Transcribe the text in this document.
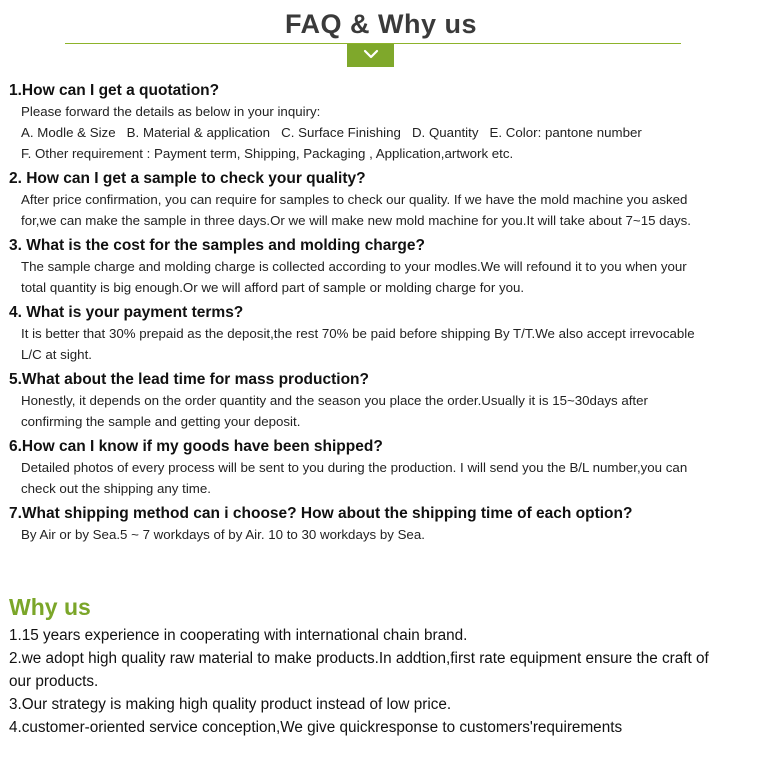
FAQ & Why us
1.How can I get a quotation?
Please forward the details as below in your inquiry:
A. Modle & Size   B. Material & application   C. Surface Finishing   D. Quantity   E. Color: pantone number
F. Other requirement : Payment term, Shipping, Packaging , Application,artwork etc.
2. How can I get a sample to check your quality?
After price confirmation, you can require for samples to check our quality. If we have the mold machine you asked
for,we can make the sample in three days.Or we will make new mold machine for you.It will take about 7~15 days.
3. What is the cost for the samples and molding charge?
The sample charge and molding charge is collected according to your modles.We will refound it to you when your
total quantity is big enough.Or we will afford part of sample or molding charge for you.
4. What is your payment terms?
It is better that 30% prepaid as the deposit,the rest 70% be paid before shipping By T/T.We also accept irrevocable
L/C at sight.
5.What about the lead time for mass production?
Honestly, it depends on the order quantity and the season you place the order.Usually it is 15~30days after
confirming the sample and getting your deposit.
6.How can I know if my goods have been shipped?
Detailed photos of every process will be sent to you during the production. I will send you the B/L number,you can
check out the shipping any time.
7.What shipping method can i choose? How about the shipping time of each option?
By Air or by Sea.5 ~ 7 workdays of by Air. 10 to 30 workdays by Sea.
Why us
1.15 years experience in cooperating with international chain brand.
2.we adopt high quality raw material to make products.In addtion,first rate equipment ensure the craft of
our products.
3.Our strategy is making high quality product instead of low price.
4.customer-oriented service conception,We give quickresponse to customers'requirements
